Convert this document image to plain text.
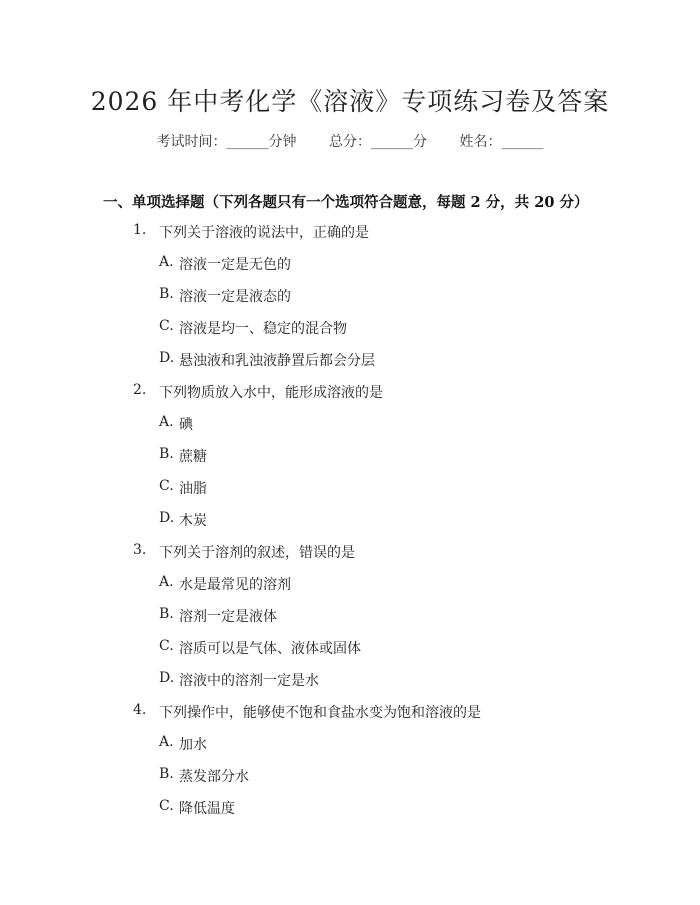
2026 年中考化学《溶液》专项练习卷及答案
考试时间：______分钟 总分：______分 姓名：______
一、单项选择题（下列各题只有一个选项符合题意，每题 2 分，共 20 分）
1. 下列关于溶液的说法中，正确的是
A. 溶液一定是无色的
B. 溶液一定是液态的
C. 溶液是均一、稳定的混合物
D. 悬浊液和乳浊液静置后都会分层
2. 下列物质放入水中，能形成溶液的是
A. 碘
B. 蔗糖
C. 油脂
D. 木炭
3. 下列关于溶剂的叙述，错误的是
A. 水是最常见的溶剂
B. 溶剂一定是液体
C. 溶质可以是气体、液体或固体
D. 溶液中的溶剂一定是水
4. 下列操作中，能够使不饱和食盐水变为饱和溶液的是
A. 加水
B. 蒸发部分水
C. 降低温度
